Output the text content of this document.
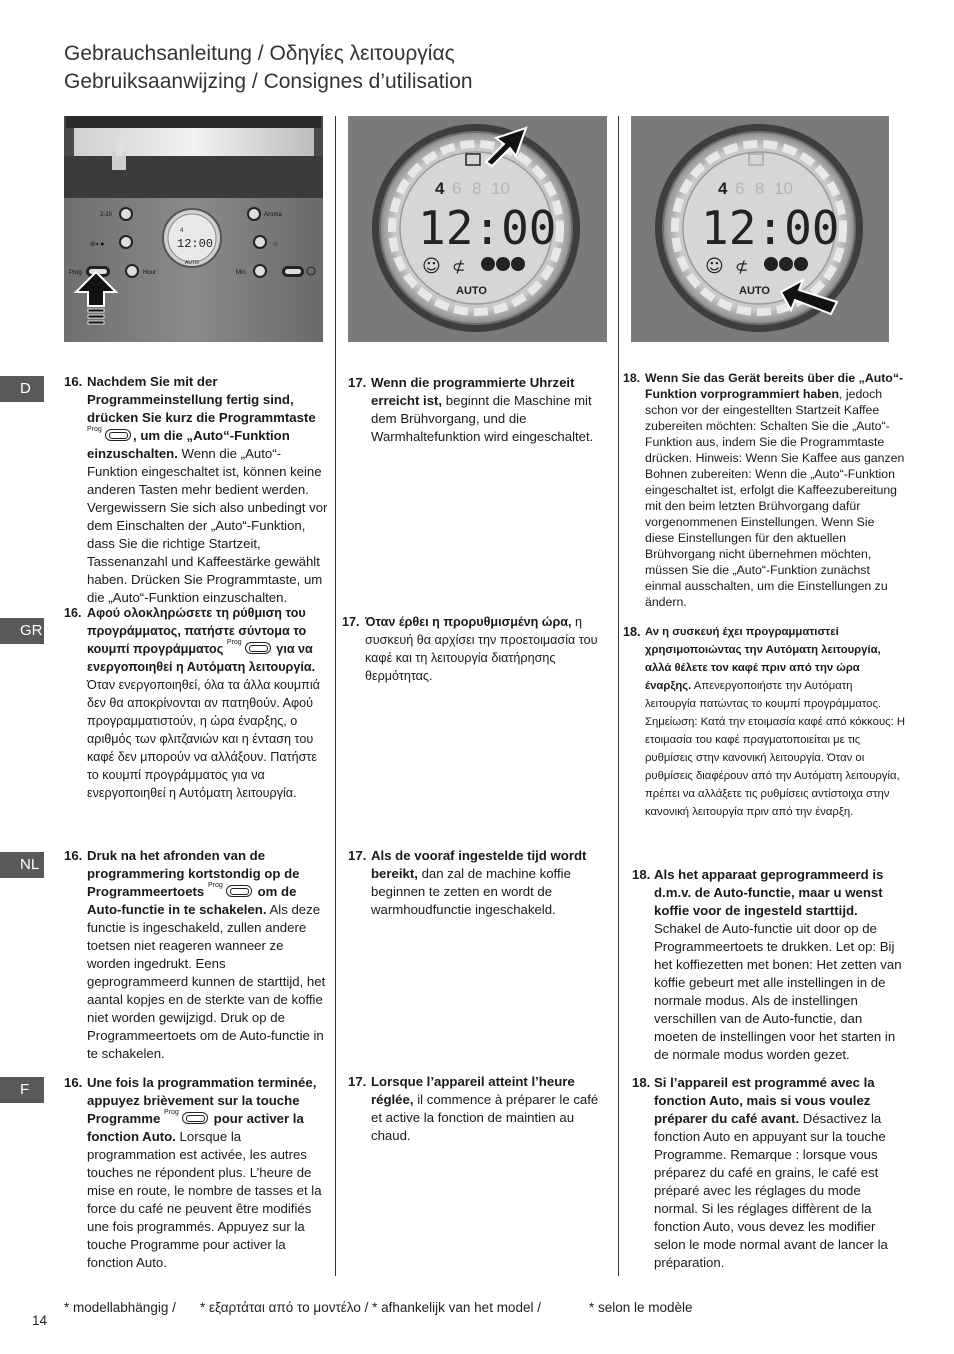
Gebrauchsanleitung / Οδηγίες λειτουργίας
Gebruiksaanwijzing / Consignes d’utilisation
4
12:00
AUTO
2-10	Aroma
⊘◐●	☺
Prog	Hour	Min
4 6 8 10
12:00
☺ ⊄
AUTO
4 6 8 10
12:00
☺ ⊄
AUTO
D
GR
NL
F
16. Nachdem Sie mit der Programmeinstellung fertig sind, drücken Sie kurz die Programmtaste
Prog , um die „Auto“-Funktion einzuschalten. Wenn die „Auto“-Funktion eingeschaltet ist, können keine anderen Tasten mehr bedient werden. Vergewissern Sie sich also unbedingt vor dem Einschalten der „Auto“-Funktion, dass Sie die richtige Startzeit, Tassenanzahl und Kaffeestärke gewählt haben. Drücken Sie Programmtaste, um die „Auto“-Funktion einzuschalten.
16. Αφού ολοκληρώσετε τη ρύθμιση του προγράμματος, πατήστε σύντομα το κουμπί προγράμματος Prog για να ενεργοποιηθεί η Αυτόματη λειτουργία. Όταν ενεργοποιηθεί, όλα τα άλλα κουμπιά δεν θα αποκρίνονται αν πατηθούν. Αφού προγραμματιστούν, η ώρα έναρξης, ο αριθμός των φλιτζανιών και η ένταση του καφέ δεν μπορούν να αλλάξουν. Πατήστε το κουμπί προγράμματος για να ενεργοποιηθεί η Αυτόματη λειτουργία.
16. Druk na het afronden van de programmering kortstondig op de Programmeertoets Prog om de Auto-functie in te schakelen. Als deze functie is ingeschakeld, zullen andere toetsen niet reageren wanneer ze worden ingedrukt. Eens geprogrammeerd kunnen de starttijd, het aantal kopjes en de sterkte van de koffie niet worden gewijzigd. Druk op de Programmeertoets om de Auto-functie in te schakelen.
16. Une fois la programmation terminée, appuyez brièvement sur la touche Programme Prog pour activer la fonction Auto. Lorsque la programmation est activée, les autres touches ne répondent plus. L’heure de mise en route, le nombre de tasses et la force du café ne peuvent être modifiés une fois programmés. Appuyez sur la touche Programme pour activer la fonction Auto.
17. Wenn die programmierte Uhrzeit erreicht ist, beginnt die Maschine mit dem Brühvorgang, und die Warmhaltefunktion wird eingeschaltet.
17. Όταν έρθει η προρυθμισμένη ώρα, η συσκευή θα αρχίσει την προετοιμασία του καφέ και τη λειτουργία διατήρησης θερμότητας.
17. Als de vooraf ingestelde tijd wordt bereikt, dan zal de machine koffie beginnen te zetten en wordt de warmhoudfunctie ingeschakeld.
17. Lorsque l’appareil atteint l’heure réglée, il commence à préparer le café et active la fonction de maintien au chaud.
18. Wenn Sie das Gerät bereits über die „Auto“-Funktion vorprogrammiert haben, jedoch schon vor der eingestellten Startzeit Kaffee zubereiten möchten: Schalten Sie die „Auto“-Funktion aus, indem Sie die Programmtaste drücken. Hinweis: Wenn Sie Kaffee aus ganzen Bohnen zubereiten: Wenn die „Auto“-Funktion eingeschaltet ist, erfolgt die Kaffeezubereitung mit den beim letzten Brühvorgang dafür vorgenommenen Einstellungen. Wenn Sie diese Einstellungen für den aktuellen Brühvorgang nicht übernehmen möchten, müssen Sie die „Auto“-Funktion zunächst einmal ausschalten, um die Einstellungen zu ändern.
18. Αν η συσκευή έχει προγραμματιστεί χρησιμοποιώντας την Αυτόματη λειτουργία, αλλά θέλετε τον καφέ πριν από την ώρα έναρξης. Απενεργοποιήστε την Αυτόματη λειτουργία πατώντας το κουμπί προγράμματος. Σημείωση: Κατά την ετοιμασία καφέ από κόκκους: Η ετοιμασία του καφέ πραγματοποιείται με τις ρυθμίσεις στην κανονική λειτουργία. Όταν οι ρυθμίσεις διαφέρουν από την Αυτόματη λειτουργία, πρέπει να αλλάξετε τις ρυθμίσεις αντίστοιχα στην κανονική λειτουργία πριν από την έναρξη.
18. Als het apparaat geprogrammeerd is d.m.v. de Auto-functie, maar u wenst koffie voor de ingesteld starttijd. Schakel de Auto-functie uit door op de Programmeertoets te drukken. Let op: Bij het koffiezetten met bonen: Het zetten van koffie gebeurt met alle instellingen in de normale modus. Als de instellingen verschillen van de Auto-functie, dan moeten de instellingen voor het starten in de normale modus worden gezet.
18. Si l’appareil est programmé avec la fonction Auto, mais si vous voulez préparer du café avant. Désactivez la fonction Auto en appuyant sur la touche Programme. Remarque : lorsque vous préparez du café en grains, le café est préparé avec les réglages du mode normal. Si les réglages diffèrent de la fonction Auto, vous devez les modifier selon le mode normal avant de lancer la préparation.
* modellabhängig / * εξαρτάται από το μοντέλο / * afhankelijk van het model /	* selon le modèle
14
